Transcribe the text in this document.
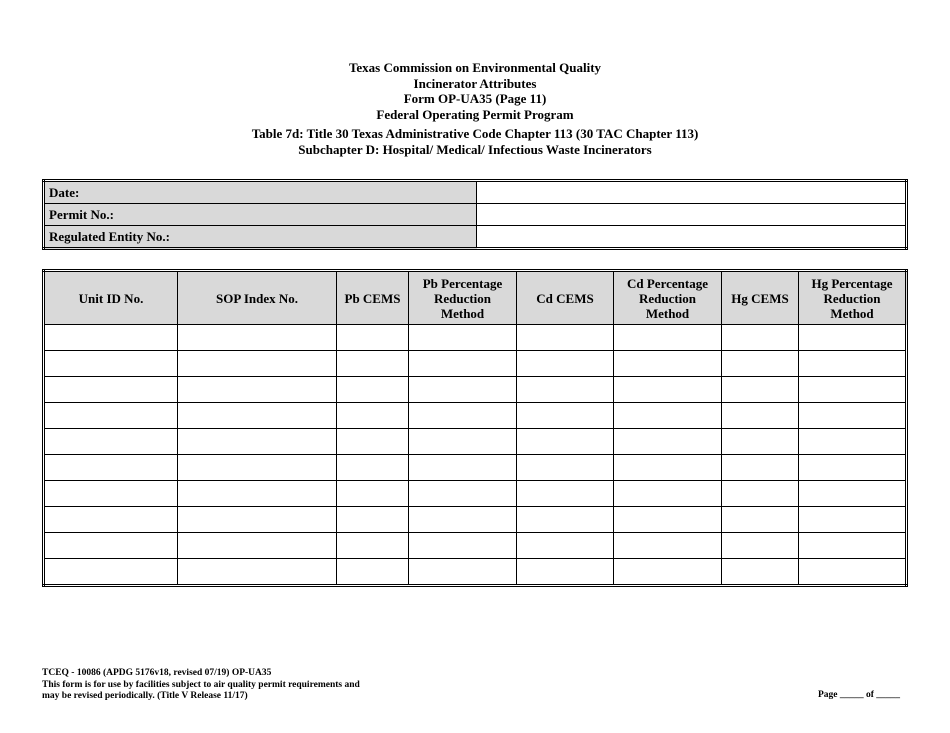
Texas Commission on Environmental Quality
Incinerator Attributes
Form OP-UA35 (Page 11)
Federal Operating Permit Program
Table 7d: Title 30 Texas Administrative Code Chapter 113 (30 TAC Chapter 113)
Subchapter D: Hospital/ Medical/ Infectious Waste Incinerators
Date:	
Permit No.:	
Regulated Entity No.:	
Unit ID No.	SOP Index No.	Pb CEMS	Pb Percentage Reduction Method	Cd CEMS	Cd Percentage Reduction Method	Hg CEMS	Hg Percentage Reduction Method

TCEQ - 10086 (APDG 5176v18, revised 07/19) OP-UA35
This form is for use by facilities subject to air quality permit requirements and
may be revised periodically. (Title V Release 11/17)	Page _____ of _____
